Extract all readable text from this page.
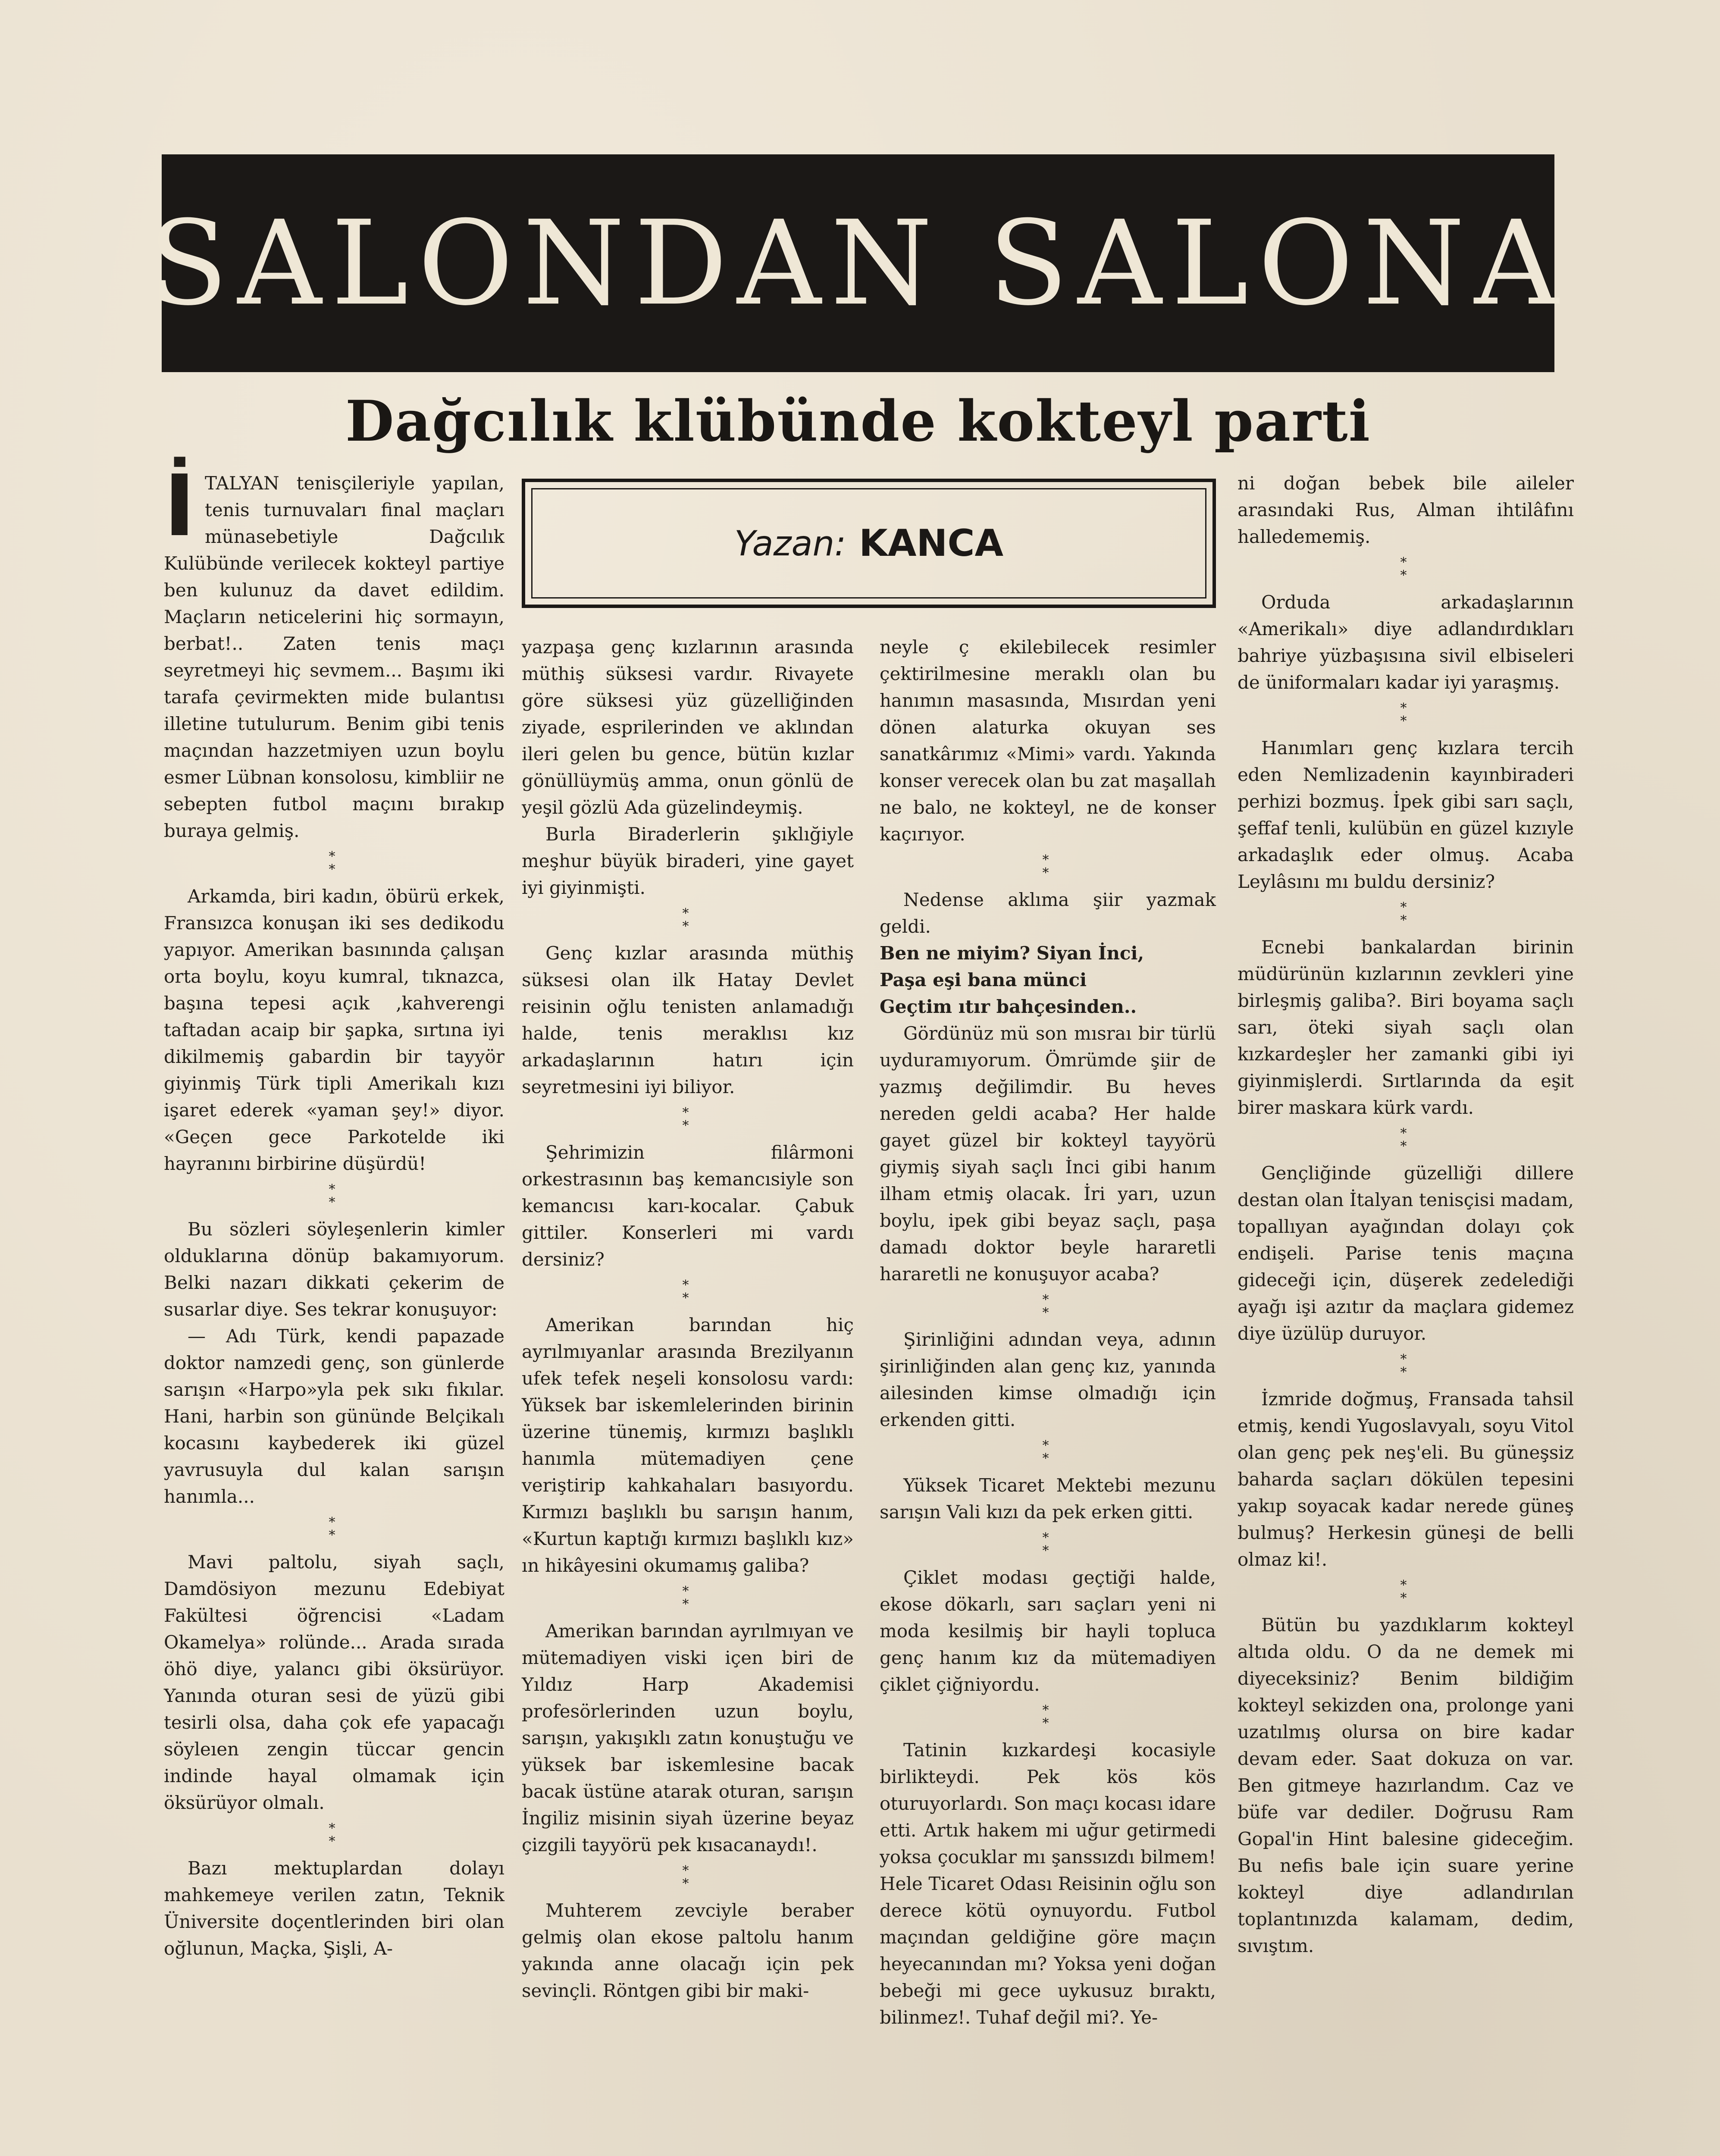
SALONDAN SALONA
Dağcılık klübünde kokteyl parti
Yazan: KANCA

İTALYAN tenisçileriyle yapılan, tenis turnuvaları final maçları münasebetiyle Dağcılık Kulübünde verilecek kokteyl partiye ben kulunuz da davet edildim. Maçların neticelerini hiç sormayın, berbat!.. Zaten tenis maçı seyretmeyi hiç sevmem... Başımı iki tarafa çevirmekten mide bulantısı illetine tutulurum. Benim gibi tenis maçından hazzetmiyen uzun boylu esmer Lübnan konsolosu, kimbliir ne sebepten futbol maçını bırakıp buraya gelmiş.

*
*

Arkamda, biri kadın, öbürü erkek, Fransızca konuşan iki ses dedikodu yapıyor. Amerikan basınında çalışan orta boylu, koyu kumral, tıknazca, başına tepesi açık ,kahverengi taftadan acaip bir şapka, sırtına iyi dikilmemiş gabardin bir tayyör giyinmiş Türk tipli Amerikalı kızı işaret ederek «yaman şey!» diyor. «Geçen gece Parkotelde iki hayranını birbirine düşürdü!

*
*

Bu sözleri söyleşenlerin kimler olduklarına dönüp bakamıyorum. Belki nazarı dikkati çekerim de susarlar diye. Ses tekrar konuşuyor:

— Adı Türk, kendi papazade doktor namzedi genç, son günlerde sarışın «Harpo»yla pek sıkı fıkılar. Hani, harbin son gününde Belçikalı kocasını kaybederek iki güzel yavrusuyla dul kalan sarışın hanımla...

*
*

Mavi paltolu, siyah saçlı, Damdösiyon mezunu Edebiyat Fakültesi öğrencisi «Ladam Okamelya» rolünde... Arada sırada öhö diye, yalancı gibi öksürüyor. Yanında oturan sesi de yüzü gibi tesirli olsa, daha çok efe yapacağı söyleıen zengin tüccar gencin indinde hayal olmamak için öksürüyor olmalı.

*
*

Bazı mektuplardan dolayı mahkemeye verilen zatın, Teknik Üniversite doçentlerinden biri olan oğlunun, Maçka, Şişli, A-

yazpaşa genç kızlarının arasında müthiş süksesi vardır. Rivayete göre süksesi yüz güzelliğinden ziyade, esprilerinden ve aklından ileri gelen bu gence, bütün kızlar gönüllüymüş amma, onun gönlü de yeşil gözlü Ada güzelindeymiş.

Burla Biraderlerin şıklığiyle meşhur büyük biraderi, yine gayet iyi giyinmişti.

*
*

Genç kızlar arasında müthiş süksesi olan ilk Hatay Devlet reisinin oğlu tenisten anlamadığı halde, tenis meraklısı kız arkadaşlarının hatırı için seyretmesini iyi biliyor.

*
*

Şehrimizin filârmoni orkestrasının baş kemancısiyle son kemancısı karı-kocalar. Çabuk gittiler. Konserleri mi vardı dersiniz?

*
*

Amerikan barından hiç ayrılmıyanlar arasında Brezilyanın ufek tefek neşeli konsolosu vardı: Yüksek bar iskemlelerinden birinin üzerine tünemiş, kırmızı başlıklı hanımla mütemadiyen çene veriştirip kahkahaları basıyordu. Kırmızı başlıklı bu sarışın hanım, «Kurtun kaptığı kırmızı başlıklı kız» ın hikâyesini okumamış galiba?

*
*

Amerikan barından ayrılmıyan ve mütemadiyen viski içen biri de Yıldız Harp Akademisi profesörlerinden uzun boylu, sarışın, yakışıklı zatın konuştuğu ve yüksek bar iskemlesine bacak bacak üstüne atarak oturan, sarışın İngiliz misinin siyah üzerine beyaz çizgili tayyörü pek kısacanaydı!.

*
*

Muhterem zevciyle beraber gelmiş olan ekose paltolu hanım yakında anne olacağı için pek sevinçli. Röntgen gibi bir maki-

neyle ç ekilebilecek resimler çektirilmesine meraklı olan bu hanımın masasında, Mısırdan yeni dönen alaturka okuyan ses sanatkârımız «Mimi» vardı. Yakında konser verecek olan bu zat maşallah ne balo, ne kokteyl, ne de konser kaçırıyor.

*
*

Nedense aklıma şiir yazmak geldi.

Ben ne miyim? Siyan İnci,

Paşa eşi bana münci

Geçtim ıtır bahçesinden..

Gördünüz mü son mısraı bir türlü uyduramıyorum. Ömrümde şiir de yazmış değilimdir. Bu heves nereden geldi acaba? Her halde gayet güzel bir kokteyl tayyörü giymiş siyah saçlı İnci gibi hanım ilham etmiş olacak. İri yarı, uzun boylu, ipek gibi beyaz saçlı, paşa damadı doktor beyle hararetli hararetli ne konuşuyor acaba?

*
*

Şirinliğini adından veya, adının şirinliğinden alan genç kız, yanında ailesinden kimse olmadığı için erkenden gitti.

*
*

Yüksek Ticaret Mektebi mezunu sarışın Vali kızı da pek erken gitti.

*
*

Çiklet modası geçtiği halde, ekose dökarlı, sarı saçları yeni ni moda kesilmiş bir hayli topluca genç hanım kız da mütemadiyen çiklet çiğniyordu.

*
*

Tatinin kızkardeşi kocasiyle birlikteydi. Pek kös kös oturuyorlardı. Son maçı kocası idare etti. Artık hakem mi uğur getirmedi yoksa çocuklar mı şanssızdı bilmem! Hele Ticaret Odası Reisinin oğlu son derece kötü oynuyordu. Futbol maçından geldiğine göre maçın heyecanından mı? Yoksa yeni doğan bebeği mi gece uykusuz bıraktı, bilinmez!. Tuhaf değil mi?. Ye-

ni doğan bebek bile aileler arasındaki Rus, Alman ihtilâfını halledememiş.

*
*

Orduda arkadaşlarının «Amerikalı» diye adlandırdıkları bahriye yüzbaşısına sivil elbiseleri de üniformaları kadar iyi yaraşmış.

*
*

Hanımları genç kızlara tercih eden Nemlizadenin kayınbiraderi perhizi bozmuş. İpek gibi sarı saçlı, şeffaf tenli, kulübün en güzel kızıyle arkadaşlık eder olmuş. Acaba Leylâsını mı buldu dersiniz?

*
*

Ecnebi bankalardan birinin müdürünün kızlarının zevkleri yine birleşmiş galiba?. Biri boyama saçlı sarı, öteki siyah saçlı olan kızkardeşler her zamanki gibi iyi giyinmişlerdi. Sırtlarında da eşit birer maskara kürk vardı.

*
*

Gençliğinde güzelliği dillere destan olan İtalyan tenisçisi madam, topallıyan ayağından dolayı çok endişeli. Parise tenis maçına gideceği için, düşerek zedelediği ayağı işi azıtır da maçlara gidemez diye üzülüp duruyor.

*
*

İzmride doğmuş, Fransada tahsil etmiş, kendi Yugoslavyalı, soyu Vitol olan genç pek neş'eli. Bu güneşsiz baharda saçları dökülen tepesini yakıp soyacak kadar nerede güneş bulmuş? Herkesin güneşi de belli olmaz ki!.

*
*

Bütün bu yazdıklarım kokteyl altıda oldu. O da ne demek mi diyeceksiniz? Benim bildiğim kokteyl sekizden ona, prolonge yani uzatılmış olursa on bire kadar devam eder. Saat dokuza on var. Ben gitmeye hazırlandım. Caz ve büfe var dediler. Doğrusu Ram Gopal'in Hint balesine gideceğim. Bu nefis bale için suare yerine kokteyl diye adlandırılan toplantınızda kalamam, dedim, sıvıştım.
